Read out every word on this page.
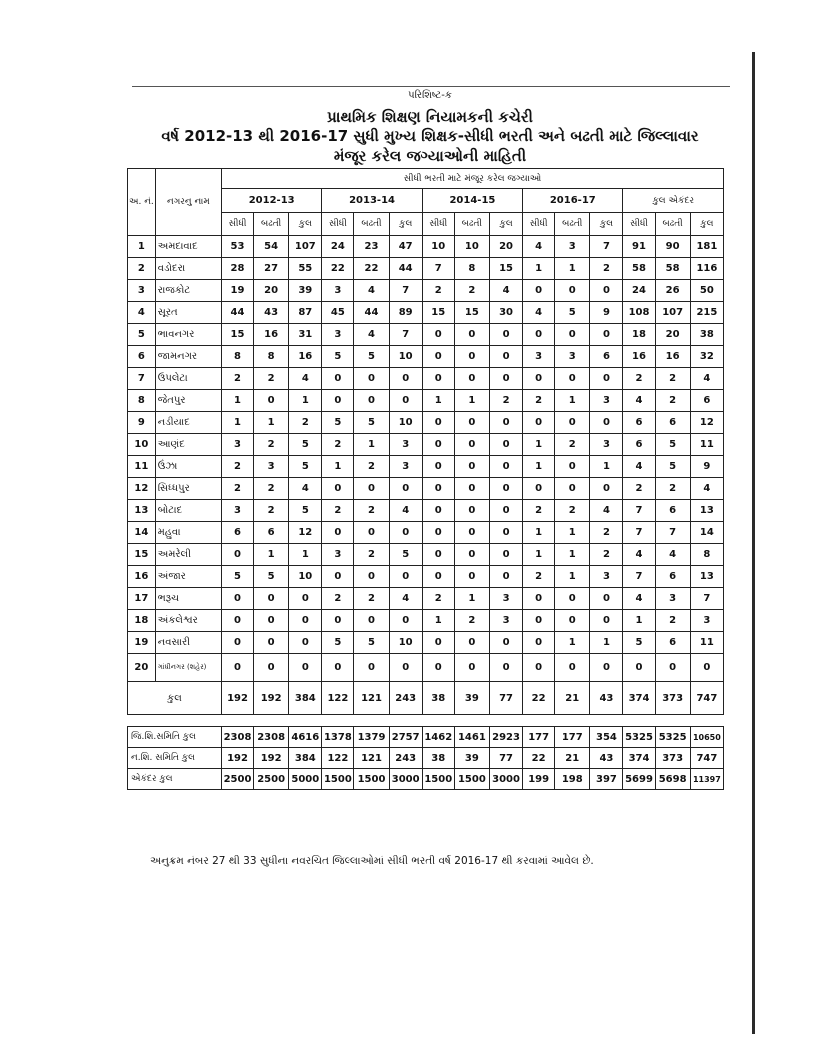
પરિશિષ્ટ-ક
પ્રાથમિક શિક્ષણ નિયામકની કચેરી
વર્ષ 2012-13 થી 2016-17 સુધી મુખ્ય શિક્ષક-સીધી ભરતી અને બઢતી માટે જિલ્લાવાર
મંજૂર કરેલ જગ્યાઓની માહિતી
અ. નં.	નગરનુ નામ	સીધી ભરતી માટે મંજૂર કરેલ જગ્યાઓ														
		2012-13			2013-14			2014-15			2016-17			કુલ એકંદર		
		સીધી	બઢતી	કુલ	સીધી	બઢતી	કુલ	સીધી	બઢતી	કુલ	સીધી	બઢતી	કુલ	સીધી	બઢતી	કુલ
1	અમદાવાદ	53	54	107	24	23	47	10	10	20	4	3	7	91	90	181
2	વડોદરા	28	27	55	22	22	44	7	8	15	1	1	2	58	58	116
3	રાજકોટ	19	20	39	3	4	7	2	2	4	0	0	0	24	26	50
4	સૂરત	44	43	87	45	44	89	15	15	30	4	5	9	108	107	215
5	ભાવનગર	15	16	31	3	4	7	0	0	0	0	0	0	18	20	38
6	જામનગર	8	8	16	5	5	10	0	0	0	3	3	6	16	16	32
7	ઉપલેટા	2	2	4	0	0	0	0	0	0	0	0	0	2	2	4
8	જેતપુર	1	0	1	0	0	0	1	1	2	2	1	3	4	2	6
9	નડીયાદ	1	1	2	5	5	10	0	0	0	0	0	0	6	6	12
10	આણંદ	3	2	5	2	1	3	0	0	0	1	2	3	6	5	11
11	ઉંઝા	2	3	5	1	2	3	0	0	0	1	0	1	4	5	9
12	સિધ્ધપુર	2	2	4	0	0	0	0	0	0	0	0	0	2	2	4
13	બોટાદ	3	2	5	2	2	4	0	0	0	2	2	4	7	6	13
14	મહુવા	6	6	12	0	0	0	0	0	0	1	1	2	7	7	14
15	અમરેલી	0	1	1	3	2	5	0	0	0	1	1	2	4	4	8
16	અંજાર	5	5	10	0	0	0	0	0	0	2	1	3	7	6	13
17	ભરૂચ	0	0	0	2	2	4	2	1	3	0	0	0	4	3	7
18	અંકલેશ્વર	0	0	0	0	0	0	1	2	3	0	0	0	1	2	3
19	નવસારી	0	0	0	5	5	10	0	0	0	0	1	1	5	6	11
20	ગાંધીનગર (શહેર)	0	0	0	0	0	0	0	0	0	0	0	0	0	0	0
કુલ		192	192	384	122	121	243	38	39	77	22	21	43	374	373	747
જિ.શિ.સમિતિ કુલ	2308	2308	4616	1378	1379	2757	1462	1461	2923	177	177	354	5325	5325	10650
ન.શિ. સમિતિ કુલ	192	192	384	122	121	243	38	39	77	22	21	43	374	373	747
એકંદર કુલ	2500	2500	5000	1500	1500	3000	1500	1500	3000	199	198	397	5699	5698	11397
અનુક્રમ નંબર 27 થી 33 સુધીના નવરચિત જિલ્લાઓમાં સીધી ભરતી વર્ષ 2016-17 થી કરવામાં આવેલ છે.
